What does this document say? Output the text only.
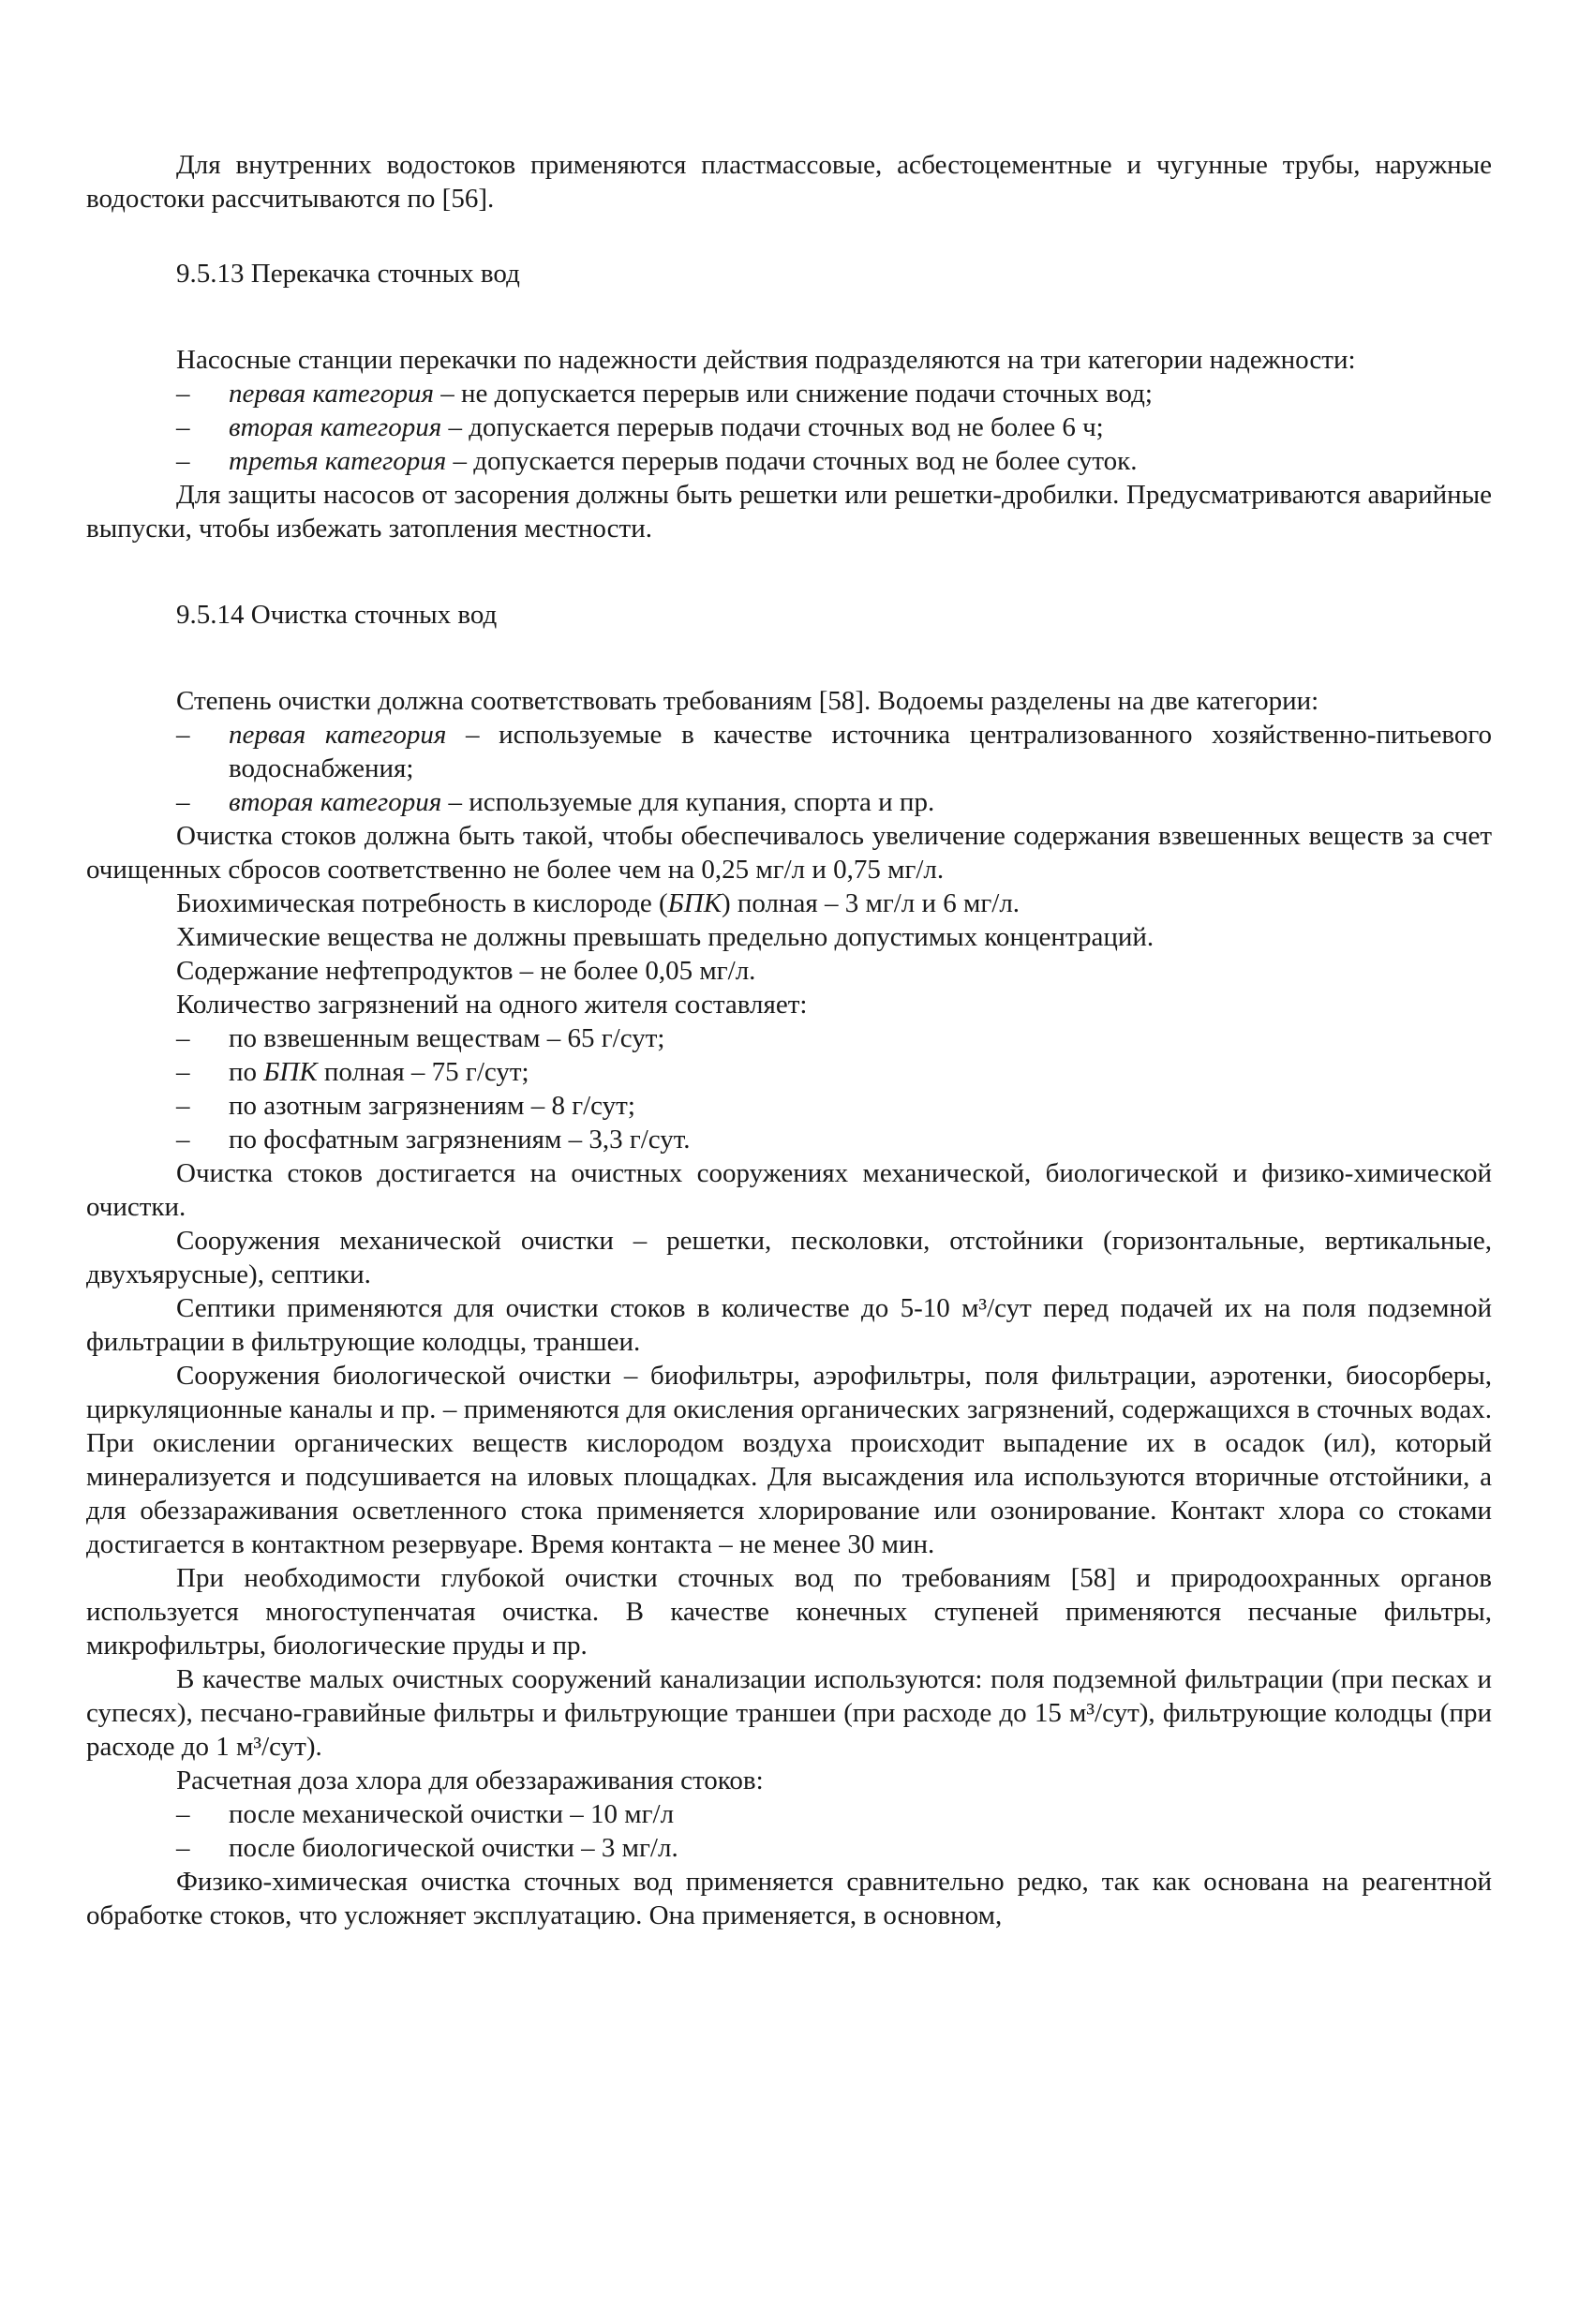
Для внутренних водостоков применяются пластмассовые, асбестоцементные и чугунные трубы, наружные водостоки рассчитываются по [56].

9.5.13 Перекачка сточных вод

Насосные станции перекачки по надежности действия подразделяются на три категории надежности:

–	первая категория – не допускается перерыв или снижение подачи сточных вод;
–	вторая категория – допускается перерыв подачи сточных вод не более 6 ч;
–	третья категория – допускается перерыв подачи сточных вод не более суток.

Для защиты насосов от засорения должны быть решетки или решетки-дробилки. Предусматриваются аварийные выпуски, чтобы избежать затопления местности.

9.5.14 Очистка сточных вод

Степень очистки должна соответствовать требованиям [58]. Водоемы разделены на две категории:

–	первая категория – используемые в качестве источника централизованного хозяйственно-питьевого водоснабжения;
–	вторая категория – используемые для купания, спорта и пр.

Очистка стоков должна быть такой, чтобы обеспечивалось увеличение содержания взвешенных веществ за счет очищенных сбросов соответственно не более чем на 0,25 мг/л и 0,75 мг/л.

Биохимическая потребность в кислороде (БПК) полная – 3 мг/л и 6 мг/л.

Химические вещества не должны превышать предельно допустимых концентраций.

Содержание нефтепродуктов – не более 0,05 мг/л.

Количество загрязнений на одного жителя составляет:

–	по взвешенным веществам – 65 г/сут;
–	по БПК полная – 75 г/сут;
–	по азотным загрязнениям – 8 г/сут;
–	по фосфатным загрязнениям – 3,3 г/сут.

Очистка стоков достигается на очистных сооружениях механической, биологической и физико-химической очистки.

Сооружения механической очистки – решетки, песколовки, отстойники (горизонтальные, вертикальные, двухъярусные), септики.

Септики применяются для очистки стоков в количестве до 5-10 м³/сут перед подачей их на поля подземной фильтрации в фильтрующие колодцы, траншеи.

Сооружения биологической очистки – биофильтры, аэрофильтры, поля фильтрации, аэротенки, биосорберы, циркуляционные каналы и пр. – применяются для окисления органических загрязнений, содержащихся в сточных водах. При окислении органических веществ кислородом воздуха происходит выпадение их в осадок (ил), который минерализуется и подсушивается на иловых площадках. Для высаждения ила используются вторичные отстойники, а для обеззараживания осветленного стока применяется хлорирование или озонирование. Контакт хлора со стоками достигается в контактном резервуаре. Время контакта – не менее 30 мин.

При необходимости глубокой очистки сточных вод по требованиям [58] и природоохранных органов используется многоступенчатая очистка. В качестве конечных ступеней применяются песчаные фильтры, микрофильтры, биологические пруды и пр.

В качестве малых очистных сооружений канализации используются: поля подземной фильтрации (при песках и супесях), песчано-гравийные фильтры и фильтрующие траншеи (при расходе до 15 м³/сут), фильтрующие колодцы (при расходе до 1 м³/сут).

Расчетная доза хлора для обеззараживания стоков:

–	после механической очистки – 10 мг/л
–	после биологической очистки – 3 мг/л.

Физико-химическая очистка сточных вод применяется сравнительно редко, так как основана на реагентной обработке стоков, что усложняет эксплуатацию. Она применяется, в основном,
